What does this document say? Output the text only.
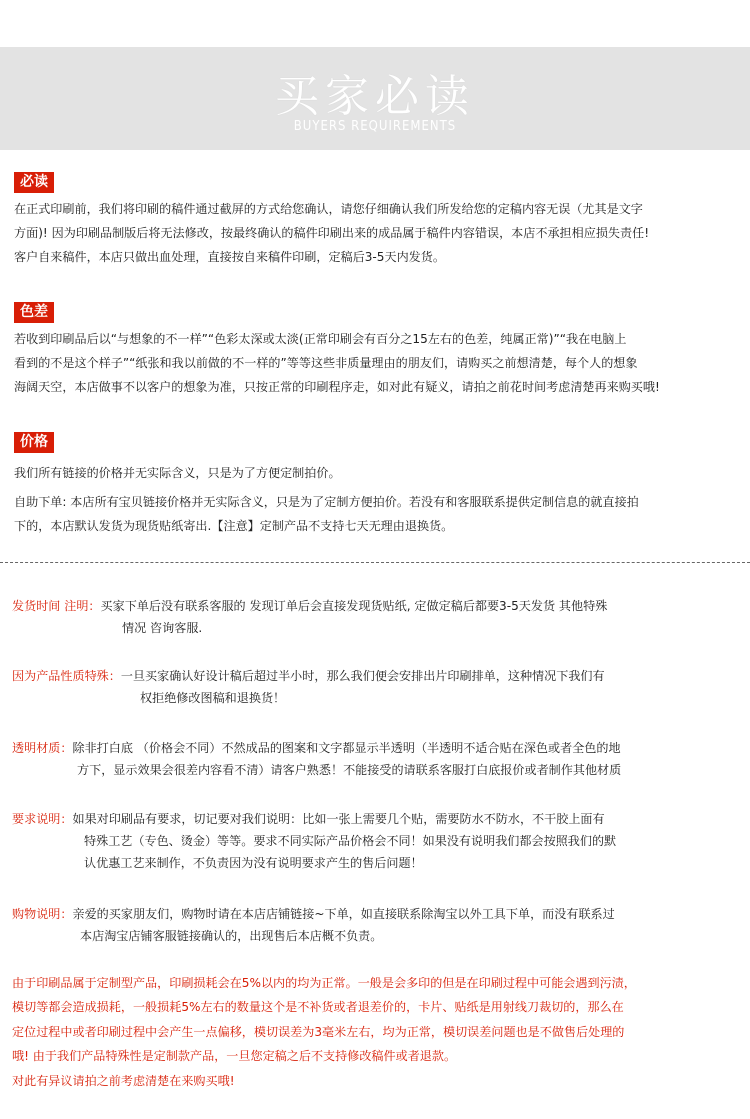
买家必读
BUYERS REQUIREMENTS
必读

在正式印刷前，我们将印刷的稿件通过截屏的方式给您确认，请您仔细确认我们所发给您的定稿内容无误（尤其是文字

方面)! 因为印刷品制版后将无法修改，按最终确认的稿件印刷出来的成品属于稿件内容错误，本店不承担相应损失责任!

客户自来稿件，本店只做出血处理，直接按自来稿件印刷，定稿后3-5天内发货。

色差

若收到印刷品后以“与想象的不一样”“色彩太深或太淡(正常印刷会有百分之15左右的色差，纯属正常)”“我在电脑上

看到的不是这个样子”“纸张和我以前做的不一样的”等等这些非质量理由的朋友们，请购买之前想清楚，每个人的想象

海阔天空，本店做事不以客户的想象为准，只按正常的印刷程序走，如对此有疑义，请拍之前花时间考虑清楚再来购买哦!

价格

我们所有链接的价格并无实际含义，只是为了方便定制拍价。

自助下单: 本店所有宝贝链接价格并无实际含义，只是为了定制方便拍价。若没有和客服联系提供定制信息的就直接拍

下的，本店默认发货为现货贴纸寄出.【注意】定制产品不支持七天无理由退换货。

发货时间 注明：买家下单后没有联系客服的 发现订单后会直接发现货贴纸, 定做定稿后都要3-5天发货 其他特殊
情况 咨询客服.
因为产品性质特殊：一旦买家确认好设计稿后超过半小时，那么我们便会安排出片印刷排单，这种情况下我们有
权拒绝修改图稿和退换货！
透明材质：除非打白底 （价格会不同）不然成品的图案和文字都显示半透明（半透明不适合贴在深色或者全色的地
方下，显示效果会很差内容看不清）请客户熟悉！不能接受的请联系客服打白底报价或者制作其他材质
要求说明：如果对印刷品有要求，切记要对我们说明：比如一张上需要几个贴，需要防水不防水，不干胶上面有
特殊工艺（专色、烫金）等等。要求不同实际产品价格会不同！如果没有说明我们都会按照我们的默
认优惠工艺来制作，不负责因为没有说明要求产生的售后问题！
购物说明：亲爱的买家朋友们，购物时请在本店店铺链接~下单，如直接联系除淘宝以外工具下单，而没有联系过
本店淘宝店铺客服链接确认的，出现售后本店概不负责。

由于印刷品属于定制型产品，印刷损耗会在5%以内的均为正常。一般是会多印的但是在印刷过程中可能会遇到污渍，

模切等都会造成损耗，一般损耗5%左右的数量这个是不补货或者退差价的，卡片、贴纸是用射线刀裁切的，那么在

定位过程中或者印刷过程中会产生一点偏移，模切误差为3毫米左右，均为正常，模切误差问题也是不做售后处理的

哦! 由于我们产品特殊性是定制款产品，一旦您定稿之后不支持修改稿件或者退款。

对此有异议请拍之前考虑清楚在来购买哦!
